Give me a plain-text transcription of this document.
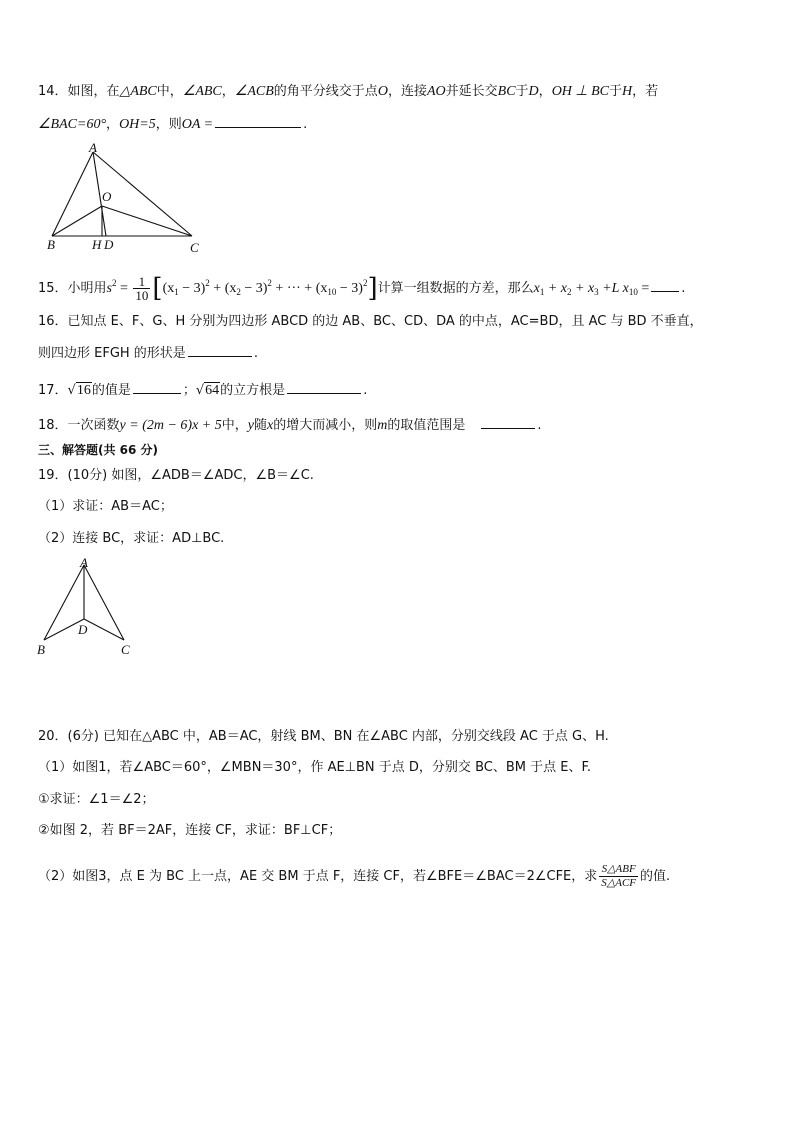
14．如图，在△ABC中，∠ABC，∠ACB的角平分线交于点O，连接AO并延长交BC于D，OH ⊥ BC于H，若
∠BAC=60°，OH=5，则OA =	.
A
O
B	H D	C
15．小明用$s^2 = \frac{1}{10} [(x_1 - 3)^2 + (x_2 - 3)^2$ + ··· + $(x_{10} - 3)^2$]计算一组数据的方差，那么$x_1 + x_2 + x_3 +L$ $x_{10}$ = .
16．已知点 E、F、G、H 分别为四边形 ABCD 的边 AB、BC、CD、DA 的中点，AC=BD，且 AC 与 BD 不垂直，
则四边形 EFGH 的形状是	.
17．√16的值是	；√64的立方根是	.
18．一次函数y = (2m − 6)x + 5中，y随x的增大而减小，则m的取值范围是	.
三、解答题(共 66 分)
19．(10分) 如图，∠ADB＝∠ADC，∠B＝∠C.
（1）求证：AB＝AC；
（2）连接 BC，求证：AD⊥BC.
A
D
B	C
20．(6分) 已知在△ABC 中，AB＝AC，射线 BM、BN 在∠ABC 内部，分别交线段 AC 于点 G、H.
（1）如图1，若∠ABC＝60°，∠MBN＝30°，作 AE⊥BN 于点 D，分别交 BC、BM 于点 E、F.
①求证：∠1＝∠2；
②如图 2，若 BF＝2AF，连接 CF，求证：BF⊥CF；
（2）如图3，点 E 为 BC 上一点，AE 交 BM 于点 F，连接 CF，若∠BFE＝∠BAC＝2∠CFE，求 $\frac{\text{S△ABF}}{\text{S△ACF}}$ 的值.
